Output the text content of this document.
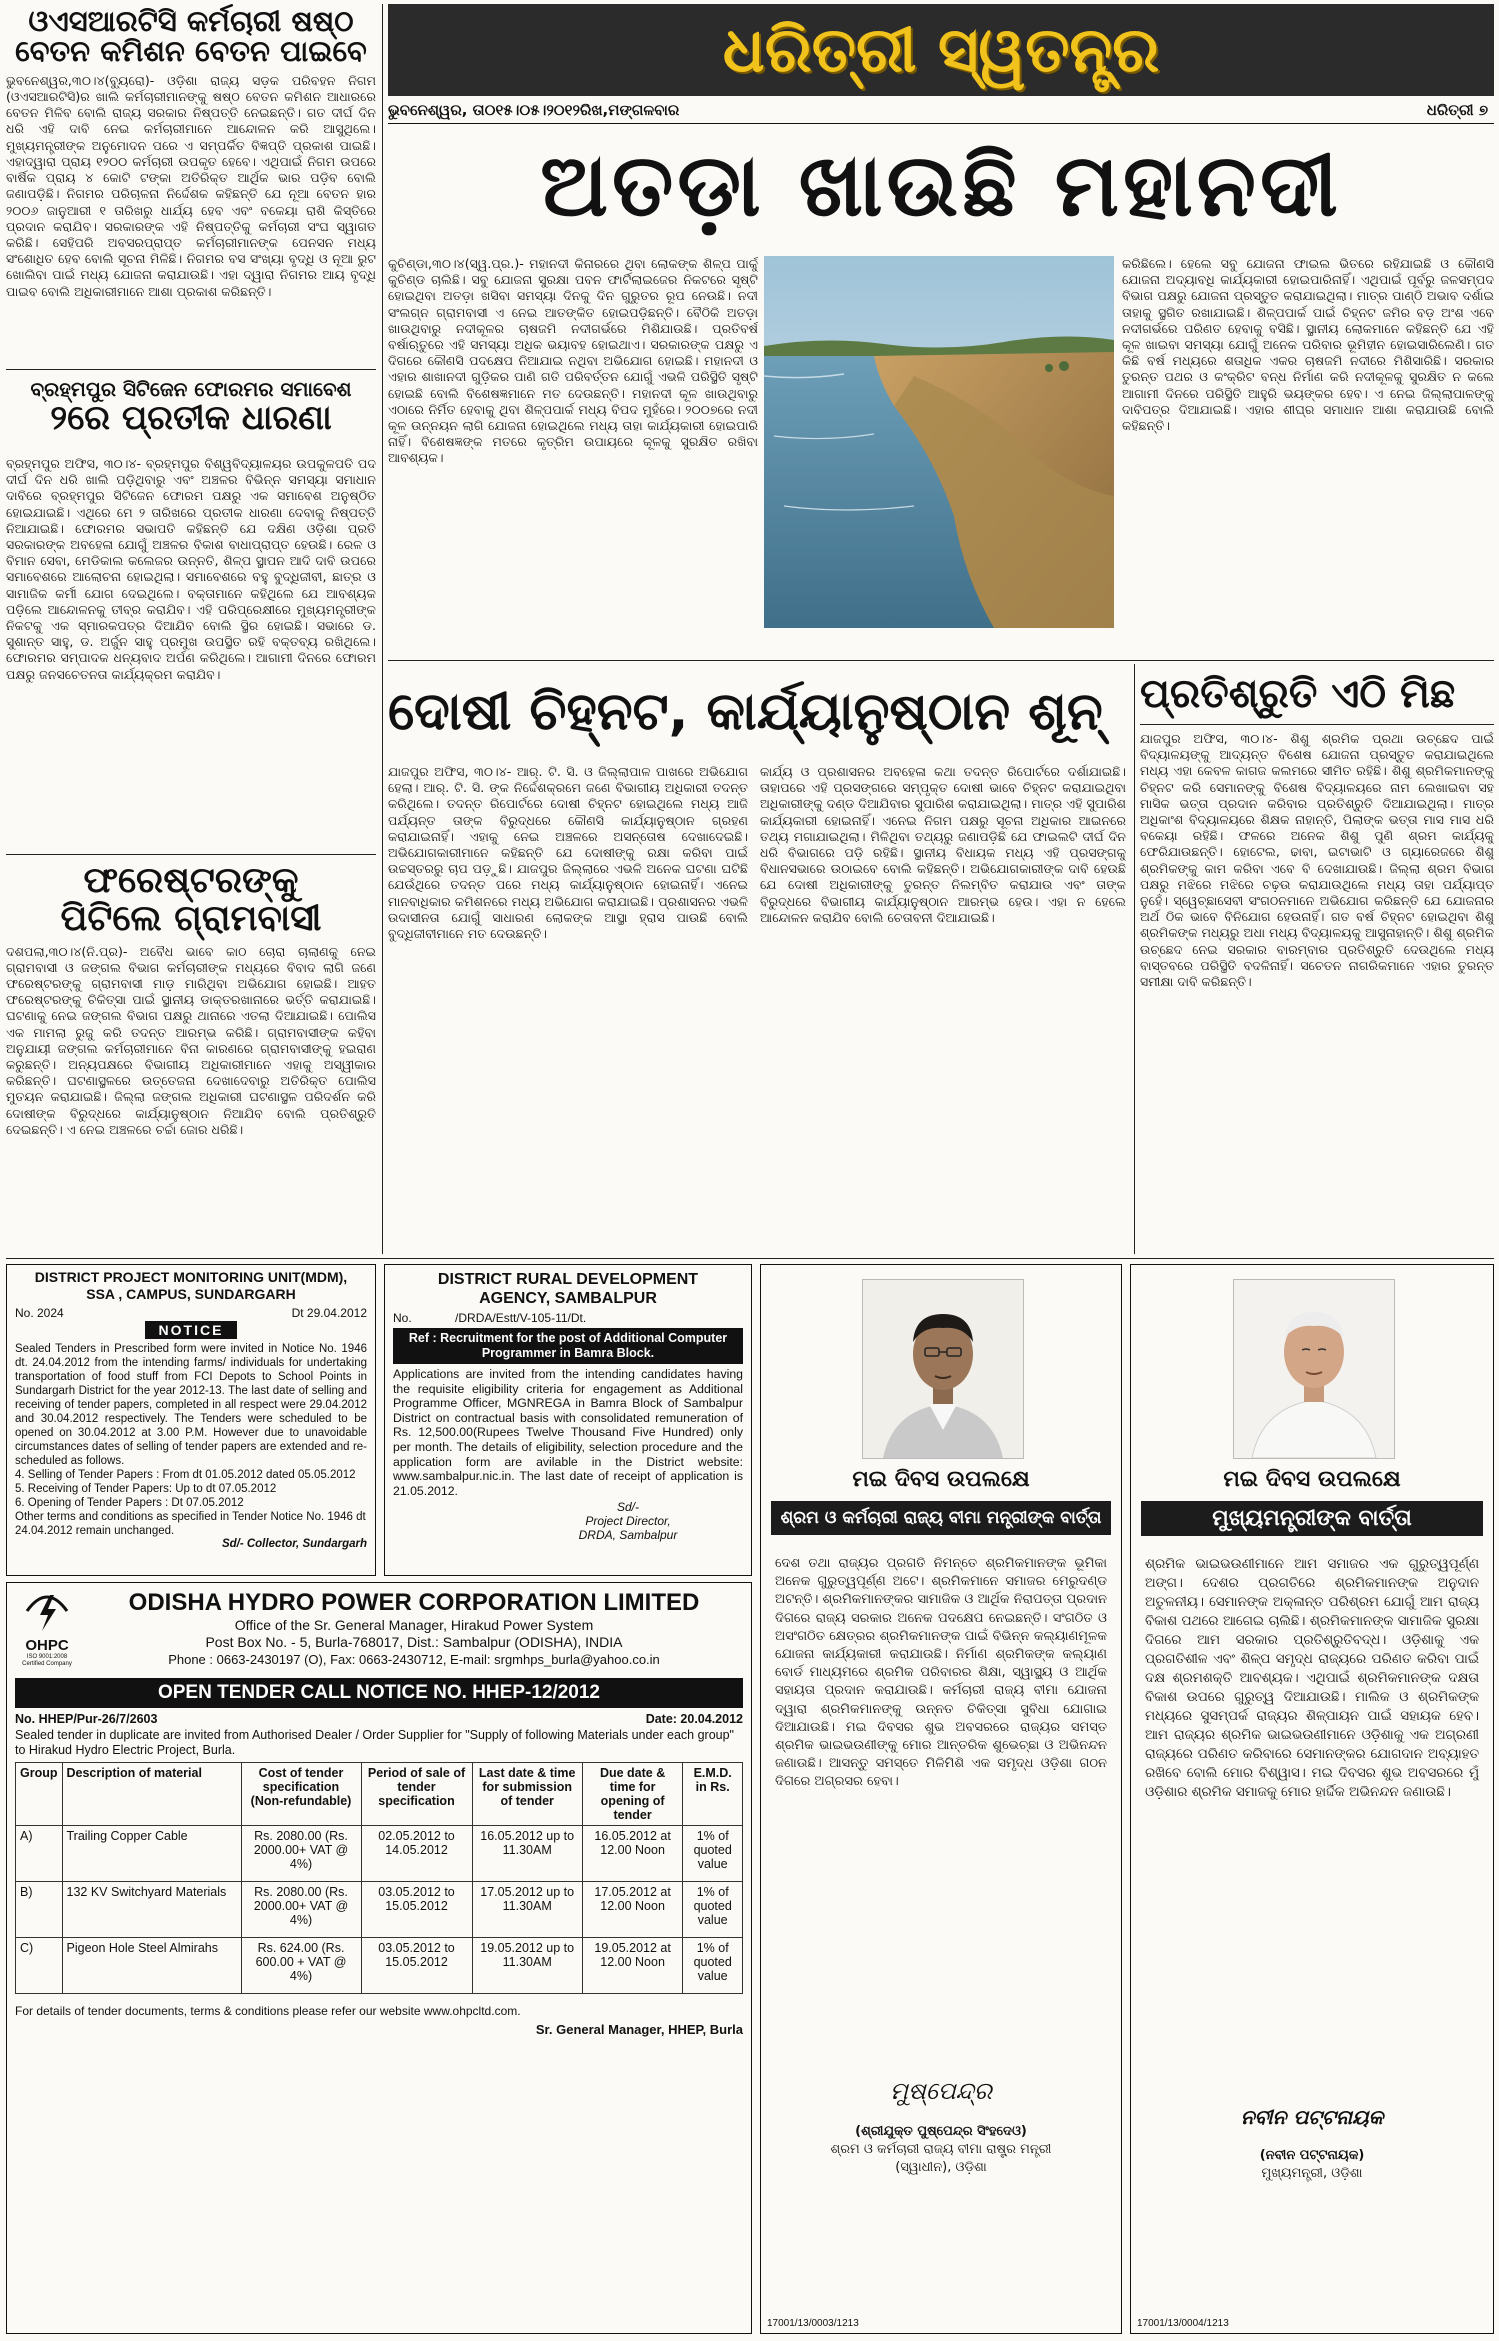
ଓଏସଆରଟିସି କର୍ମଚାରୀ ଷଷ୍ଠ
ବେତନ କମିଶନ ବେତନ ପାଇବେ

ଭୁବନେଶ୍ୱର,୩୦।୪(ବ୍ୟୁରୋ)- ଓଡ଼ିଶା ରାଜ୍ୟ ସଡ଼କ ପରିବହନ ନିଗମ (ଓଏସଆରଟିସି)ର ଖାଲି କର୍ମଚାରୀମାନଙ୍କୁ ଷଷ୍ଠ ବେତନ କମିଶନ ଆଧାରରେ ବେତନ ମିଳିବ ବୋଲି ରାଜ୍ୟ ସରକାର ନିଷ୍ପତ୍ତି ନେଇଛନ୍ତି। ଗତ ଦୀର୍ଘ ଦିନ ଧରି ଏହି ଦାବି ନେଇ କର୍ମଚାରୀମାନେ ଆନ୍ଦୋଳନ କରି ଆସୁଥିଲେ। ମୁଖ୍ୟମନ୍ତ୍ରୀଙ୍କ ଅନୁମୋଦନ ପରେ ଏ ସମ୍ପର୍କିତ ବିଜ୍ଞପ୍ତି ପ୍ରକାଶ ପାଇଛି। ଏହାଦ୍ୱାରା ପ୍ରାୟ ୧୨୦୦ କର୍ମଚାରୀ ଉପକୃତ ହେବେ। ଏଥିପାଇଁ ନିଗମ ଉପରେ ବାର୍ଷିକ ପ୍ରାୟ ୪ କୋଟି ଟଙ୍କା ଅତିରିକ୍ତ ଆର୍ଥିକ ଭାର ପଡ଼ିବ ବୋଲି ଜଣାପଡ଼ିଛି। ନିଗମର ପରିଚାଳନା ନିର୍ଦ୍ଦେଶକ କହିଛନ୍ତି ଯେ ନୂଆ ବେତନ ହାର ୨୦୦୬ ଜାନୁଆରୀ ୧ ତାରିଖରୁ ଧାର୍ଯ୍ୟ ହେବ ଏବଂ ବକେୟା ରାଶି କିସ୍ତିରେ ପ୍ରଦାନ କରାଯିବ। ସରକାରଙ୍କ ଏହି ନିଷ୍ପତ୍ତିକୁ କର୍ମଚାରୀ ସଂଘ ସ୍ୱାଗତ କରିଛି। ସେହିପରି ଅବସରପ୍ରାପ୍ତ କର୍ମଚାରୀମାନଙ୍କ ପେନସନ ମଧ୍ୟ ସଂଶୋଧିତ ହେବ ବୋଲି ସୂଚନା ମିଳିଛି। ନିଗମର ବସ ସଂଖ୍ୟା ବୃଦ୍ଧି ଓ ନୂଆ ରୁଟ ଖୋଲିବା ପାଇଁ ମଧ୍ୟ ଯୋଜନା କରାଯାଉଛି। ଏହା ଦ୍ୱାରା ନିଗମର ଆୟ ବୃଦ୍ଧି ପାଇବ ବୋଲି ଅଧିକାରୀମାନେ ଆଶା ପ୍ରକାଶ କରିଛନ୍ତି।

ବ୍ରହ୍ମପୁର ସିଟିଜେନ ଫୋରମର ସମାବେଶ
୨ରେ ପ୍ରତୀକ ଧାରଣା

ବ୍ରହ୍ମପୁର ଅଫିସ, ୩୦।୪- ବ୍ରହ୍ମପୁର ବିଶ୍ୱବିଦ୍ୟାଳୟର ଉପକୁଳପତି ପଦ ଦୀର୍ଘ ଦିନ ଧରି ଖାଲି ପଡ଼ିଥିବାରୁ ଏବଂ ଅଞ୍ଚଳର ବିଭିନ୍ନ ସମସ୍ୟା ସମାଧାନ ଦାବିରେ ବ୍ରହ୍ମପୁର ସିଟିଜେନ ଫୋରମ ପକ୍ଷରୁ ଏକ ସମାବେଶ ଅନୁଷ୍ଠିତ ହୋଇଯାଇଛି। ଏଥିରେ ମେ ୨ ତାରିଖରେ ପ୍ରତୀକ ଧାରଣା ଦେବାକୁ ନିଷ୍ପତ୍ତି ନିଆଯାଇଛି। ଫୋରମର ସଭାପତି କହିଛନ୍ତି ଯେ ଦକ୍ଷିଣ ଓଡ଼ିଶା ପ୍ରତି ସରକାରଙ୍କ ଅବହେଳା ଯୋଗୁଁ ଅଞ୍ଚଳର ବିକାଶ ବାଧାପ୍ରାପ୍ତ ହେଉଛି। ରେଳ ଓ ବିମାନ ସେବା, ମେଡିକାଲ କଲେଜର ଉନ୍ନତି, ଶିଳ୍ପ ସ୍ଥାପନ ଆଦି ଦାବି ଉପରେ ସମାବେଶରେ ଆଲୋଚନା ହୋଇଥିଲା। ସମାବେଶରେ ବହୁ ବୁଦ୍ଧିଜୀବୀ, ଛାତ୍ର ଓ ସାମାଜିକ କର୍ମୀ ଯୋଗ ଦେଇଥିଲେ। ବକ୍ତାମାନେ କହିଥିଲେ ଯେ ଆବଶ୍ୟକ ପଡ଼ିଲେ ଆନ୍ଦୋଳନକୁ ତୀବ୍ର କରାଯିବ। ଏହି ପରିପ୍ରେକ୍ଷୀରେ ମୁଖ୍ୟମନ୍ତ୍ରୀଙ୍କ ନିକଟକୁ ଏକ ସ୍ମାରକପତ୍ର ଦିଆଯିବ ବୋଲି ସ୍ଥିର ହୋଇଛି। ସଭାରେ ଡ. ସୁଶାନ୍ତ ସାହୁ, ଡ. ଅର୍ଜୁନ ସାହୁ ପ୍ରମୁଖ ଉପସ୍ଥିତ ରହି ବକ୍ତବ୍ୟ ରଖିଥିଲେ। ଫୋରମର ସମ୍ପାଦକ ଧନ୍ୟବାଦ ଅର୍ପଣ କରିଥିଲେ। ଆଗାମୀ ଦିନରେ ଫୋରମ ପକ୍ଷରୁ ଜନସଚେତନତା କାର୍ଯ୍ୟକ୍ରମ କରାଯିବ।

ଫରେଷ୍ଟରଙ୍କୁ
ପିଟିଲେ ଗ୍ରାମବାସୀ

ଦଶପଲା,୩୦।୪(ନି.ପ୍ର)- ଅବୈଧ ଭାବେ କାଠ ଚୋରା ଚାଲାଣକୁ ନେଇ ଗ୍ରାମବାସୀ ଓ ଜଙ୍ଗଲ ବିଭାଗ କର୍ମଚାରୀଙ୍କ ମଧ୍ୟରେ ବିବାଦ ଲାଗି ଜଣେ ଫରେଷ୍ଟରଙ୍କୁ ଗ୍ରାମବାସୀ ମାଡ଼ ମାରିଥିବା ଅଭିଯୋଗ ହୋଇଛି। ଆହତ ଫରେଷ୍ଟରଙ୍କୁ ଚିକିତ୍ସା ପାଇଁ ସ୍ଥାନୀୟ ଡାକ୍ତରଖାନାରେ ଭର୍ତ୍ତି କରାଯାଇଛି। ଘଟଣାକୁ ନେଇ ଜଙ୍ଗଲ ବିଭାଗ ପକ୍ଷରୁ ଥାନାରେ ଏତଲା ଦିଆଯାଇଛି। ପୋଲିସ ଏକ ମାମଲା ରୁଜୁ କରି ତଦନ୍ତ ଆରମ୍ଭ କରିଛି। ଗ୍ରାମବାସୀଙ୍କ କହିବା ଅନୁଯାୟୀ ଜଙ୍ଗଲ କର୍ମଚାରୀମାନେ ବିନା କାରଣରେ ଗ୍ରାମବାସୀଙ୍କୁ ହଇରାଣ କରୁଛନ୍ତି। ଅନ୍ୟପକ୍ଷରେ ବିଭାଗୀୟ ଅଧିକାରୀମାନେ ଏହାକୁ ଅସ୍ୱୀକାର କରିଛନ୍ତି। ଘଟଣାସ୍ଥଳରେ ଉତ୍ତେଜନା ଦେଖାଦେବାରୁ ଅତିରିକ୍ତ ପୋଲିସ ମୁତୟନ କରାଯାଇଛି। ଜିଲ୍ଲା ଜଙ୍ଗଲ ଅଧିକାରୀ ଘଟଣାସ୍ଥଳ ପରିଦର୍ଶନ କରି ଦୋଷୀଙ୍କ ବିରୁଦ୍ଧରେ କାର୍ଯ୍ୟାନୁଷ୍ଠାନ ନିଆଯିବ ବୋଲି ପ୍ରତିଶ୍ରୁତି ଦେଇଛନ୍ତି। ଏ ନେଇ ଅଞ୍ଚଳରେ ଚର୍ଚ୍ଚା ଜୋର ଧରିଛି।

ଧରିତ୍ରୀ ସ୍ୱତନ୍ତ୍ର
ଭୁବନେଶ୍ୱର, ତା୦୧୫।୦୫।୨୦୧୨ରିଖ,ମଙ୍ଗଳବାର	ଧରିତ୍ରୀ ୭
ଅତଡ଼ା ଖାଉଛି ମହାନଦୀ

କୁଚିଣ୍ଡା,୩୦।୪(ସ୍ୱ.ପ୍ର.)- ମହାନଦୀ କିନାରରେ ଥିବା ଲୋକଙ୍କ ଶିଳ୍ପ ପାର୍କୁ କୁଚିଣ୍ଡ ଚାଲିଛି। ସବୁ ଯୋଜନା ସୁରକ୍ଷା ପବନ ଫାର୍ଟିଲାଇଜେର ନିକଟରେ ସୃଷ୍ଟି ହୋଇଥିବା ଅତଡ଼ା ଖସିବା ସମସ୍ୟା ଦିନକୁ ଦିନ ଗୁରୁତର ରୂପ ନେଉଛି। ନଦୀ ସଂଲଗ୍ନ ଗ୍ରାମବାସୀ ଏ ନେଇ ଆତଙ୍କିତ ହୋଇପଡ଼ିଛନ୍ତି। ବୈଠିକି ଅତଡ଼ା ଖାଉଥିବାରୁ ନଦୀକୂଳର ଚାଷଜମି ନଦୀଗର୍ଭରେ ମିଶିଯାଉଛି। ପ୍ରତିବର୍ଷ ବର୍ଷାଋତୁରେ ଏହି ସମସ୍ୟା ଅଧିକ ଭୟାବହ ହୋଇଥାଏ। ସରକାରଙ୍କ ପକ୍ଷରୁ ଏ ଦିଗରେ କୌଣସି ପଦକ୍ଷେପ ନିଆଯାଇ ନଥିବା ଅଭିଯୋଗ ହୋଇଛି। ମହାନଦୀ ଓ ଏହାର ଶାଖାନଦୀ ଗୁଡ଼ିକର ପାଣି ଗତି ପରିବର୍ତ୍ତନ ଯୋଗୁଁ ଏଭଳି ପରିସ୍ଥିତି ସୃଷ୍ଟି ହୋଇଛି ବୋଲି ବିଶେଷଜ୍ଞମାନେ ମତ ଦେଉଛନ୍ତି। ମହାନଦୀ କୂଳ ଖାଉଥିବାରୁ ଏଠାରେ ନିର୍ମିତ ହେବାକୁ ଥିବା ଶିଳ୍ପପାର୍କ ମଧ୍ୟ ବିପଦ ମୁହଁରେ। ୨୦୦୭ରେ ନଦୀ କୂଳ ଉନ୍ନୟନ ଲାଗି ଯୋଜନା ହୋଇଥିଲେ ମଧ୍ୟ ତାହା କାର୍ଯ୍ୟକାରୀ ହୋଇପାରି ନାହିଁ। ବିଶେଷଜ୍ଞଙ୍କ ମତରେ କୃତ୍ରିମ ଉପାୟରେ କୂଳକୁ ସୁରକ୍ଷିତ ରଖିବା ଆବଶ୍ୟକ।

କରିଛିଲେ। ହେଲେ ସବୁ ଯୋଜନା ଫାଇଲ ଭିତରେ ରହିଯାଇଛି ଓ କୌଣସି ଯୋଜନା ଅଦ୍ୟାବଧି କାର୍ଯ୍ୟକାରୀ ହୋଇପାରିନାହିଁ। ଏଥିପାଇଁ ପୂର୍ବରୁ ଜଳସମ୍ପଦ ବିଭାଗ ପକ୍ଷରୁ ଯୋଜନା ପ୍ରସ୍ତୁତ କରାଯାଇଥିଲା। ମାତ୍ର ପାଣ୍ଠି ଅଭାବ ଦର୍ଶାଇ ତାହାକୁ ସ୍ଥଗିତ ରଖାଯାଇଛି। ଶିଳ୍ପପାର୍କ ପାଇଁ ଚିହ୍ନଟ ଜମିର ବଡ଼ ଅଂଶ ଏବେ ନଦୀଗର୍ଭରେ ପରିଣତ ହେବାକୁ ବସିଛି। ସ୍ଥାନୀୟ ଲୋକମାନେ କହିଛନ୍ତି ଯେ ଏହି କୂଳ ଖାଇବା ସମସ୍ୟା ଯୋଗୁଁ ଅନେକ ପରିବାର ଭୂମିହୀନ ହୋଇସାରିଲେଣି। ଗତ କିଛି ବର୍ଷ ମଧ୍ୟରେ ଶତାଧିକ ଏକର ଚାଷଜମି ନଦୀରେ ମିଶିସାରିଛି। ସରକାର ତୁରନ୍ତ ପଥର ଓ କଂକ୍ରିଟ ବନ୍ଧ ନିର୍ମାଣ କରି ନଦୀକୂଳକୁ ସୁରକ୍ଷିତ ନ କଲେ ଆଗାମୀ ଦିନରେ ପରିସ୍ଥିତି ଆହୁରି ଭୟଙ୍କର ହେବ। ଏ ନେଇ ଜିଲ୍ଲାପାଳଙ୍କୁ ଦାବିପତ୍ର ଦିଆଯାଇଛି। ଏହାର ଶୀଘ୍ର ସମାଧାନ ଆଶା କରାଯାଉଛି ବୋଲି କହିଛନ୍ତି।

ଦୋଷୀ ଚିହ୍ନଟ, କାର୍ଯ୍ୟାନୁଷ୍ଠାନ ଶୂନ୍

ଯାଜପୁର ଅଫିସ, ୩୦।୪- ଆର୍. ଟି. ସି. ଓ ଜିଲ୍ଲାପାଳ ପାଖରେ ଅଭିଯୋଗ ହେଲା। ଆର୍. ଟି. ସି. ଙ୍କ ନିର୍ଦ୍ଦେଶକ୍ରମେ ଜଣେ ବିଭାଗୀୟ ଅଧିକାରୀ ତଦନ୍ତ କରିଥିଲେ। ତଦନ୍ତ ରିପୋର୍ଟରେ ଦୋଷୀ ଚିହ୍ନଟ ହୋଇଥିଲେ ମଧ୍ୟ ଆଜି ପର୍ଯ୍ୟନ୍ତ ତାଙ୍କ ବିରୁଦ୍ଧରେ କୌଣସି କାର୍ଯ୍ୟାନୁଷ୍ଠାନ ଗ୍ରହଣ କରାଯାଇନାହିଁ। ଏହାକୁ ନେଇ ଅଞ୍ଚଳରେ ଅସନ୍ତୋଷ ଦେଖାଦେଇଛି। ଅଭିଯୋଗକାରୀମାନେ କହିଛନ୍ତି ଯେ ଦୋଷୀଙ୍କୁ ରକ୍ଷା କରିବା ପାଇଁ ଉଚ୍ଚସ୍ତରରୁ ଚାପ ପଡ଼ୁଛି। ଯାଜପୁର ଜିଲ୍ଲାରେ ଏଭଳି ଅନେକ ଘଟଣା ଘଟିଛି ଯେଉଁଥିରେ ତଦନ୍ତ ପରେ ମଧ୍ୟ କାର୍ଯ୍ୟାନୁଷ୍ଠାନ ହୋଇନାହିଁ। ଏନେଇ ମାନବାଧିକାର କମିଶନରେ ମଧ୍ୟ ଅଭିଯୋଗ କରାଯାଇଛି। ପ୍ରଶାସନର ଏଭଳି ଉଦାସୀନତା ଯୋଗୁଁ ସାଧାରଣ ଲୋକଙ୍କ ଆସ୍ଥା ହ୍ରାସ ପାଉଛି ବୋଲି ବୁଦ୍ଧିଜୀବୀମାନେ ମତ ଦେଉଛନ୍ତି।

କାର୍ଯ୍ୟ ଓ ପ୍ରଶାସନର ଅବହେଳା କଥା ତଦନ୍ତ ରିପୋର୍ଟରେ ଦର୍ଶାଯାଇଛି। ତାହାପରେ ଏହି ପ୍ରସଙ୍ଗରେ ସମ୍ପୃକ୍ତ ଦୋଷୀ ଭାବେ ଚିହ୍ନଟ କରାଯାଇଥିବା ଅଧିକାରୀଙ୍କୁ ଦଣ୍ଡ ଦିଆଯିବାର ସୁପାରିଶ କରାଯାଇଥିଲା। ମାତ୍ର ଏହି ସୁପାରିଶ କାର୍ଯ୍ୟକାରୀ ହୋଇନାହିଁ। ଏନେଇ ନିଗମ ପକ୍ଷରୁ ସୂଚନା ଅଧିକାର ଆଇନରେ ତଥ୍ୟ ମଗାଯାଇଥିଲା। ମିଳିଥିବା ତଥ୍ୟରୁ ଜଣାପଡ଼ିଛି ଯେ ଫାଇଲଟି ଦୀର୍ଘ ଦିନ ଧରି ବିଭାଗରେ ପଡ଼ି ରହିଛି। ସ୍ଥାନୀୟ ବିଧାୟକ ମଧ୍ୟ ଏହି ପ୍ରସଙ୍ଗକୁ ବିଧାନସଭାରେ ଉଠାଇବେ ବୋଲି କହିଛନ୍ତି। ଅଭିଯୋଗକାରୀଙ୍କ ଦାବି ହେଉଛି ଯେ ଦୋଷୀ ଅଧିକାରୀଙ୍କୁ ତୁରନ୍ତ ନିଲମ୍ବିତ କରାଯାଉ ଏବଂ ତାଙ୍କ ବିରୁଦ୍ଧରେ ବିଭାଗୀୟ କାର୍ଯ୍ୟାନୁଷ୍ଠାନ ଆରମ୍ଭ ହେଉ। ଏହା ନ ହେଲେ ଆନ୍ଦୋଳନ କରାଯିବ ବୋଲି ଚେତାବନୀ ଦିଆଯାଇଛି।

ପ୍ରତିଶ୍ରୁତି ଏଠି ମିଛ

ଯାଜପୁର ଅଫିସ, ୩୦।୪- ଶିଶୁ ଶ୍ରମିକ ପ୍ରଥା ଉଚ୍ଛେଦ ପାଇଁ ବିଦ୍ୟାଳୟଙ୍କୁ ଆଦ୍ୟନ୍ତ ବିଶେଷ ଯୋଜନା ପ୍ରସ୍ତୁତ କରାଯାଇଥିଲେ ମଧ୍ୟ ଏହା କେବଳ କାଗଜ କଲମରେ ସୀମିତ ରହିଛି। ଶିଶୁ ଶ୍ରମିକମାନଙ୍କୁ ଚିହ୍ନଟ କରି ସେମାନଙ୍କୁ ବିଶେଷ ବିଦ୍ୟାଳୟରେ ନାମ ଲେଖାଇବା ସହ ମାସିକ ଭତ୍ତା ପ୍ରଦାନ କରିବାର ପ୍ରତିଶ୍ରୁତି ଦିଆଯାଇଥିଲା। ମାତ୍ର ଅଧିକାଂଶ ବିଦ୍ୟାଳୟରେ ଶିକ୍ଷକ ନାହାନ୍ତି, ପିଲାଙ୍କ ଭତ୍ତା ମାସ ମାସ ଧରି ବକେୟା ରହିଛି। ଫଳରେ ଅନେକ ଶିଶୁ ପୁଣି ଶ୍ରମ କାର୍ଯ୍ୟକୁ ଫେରିଯାଉଛନ୍ତି। ହୋଟେଲ, ଢାବା, ଇଟାଭାଟି ଓ ଗ୍ୟାରେଜରେ ଶିଶୁ ଶ୍ରମିକଙ୍କୁ କାମ କରିବା ଏବେ ବି ଦେଖାଯାଉଛି। ଜିଲ୍ଲା ଶ୍ରମ ବିଭାଗ ପକ୍ଷରୁ ମଝିରେ ମଝିରେ ଚଢ଼ଉ କରାଯାଉଥିଲେ ମଧ୍ୟ ତାହା ପର୍ଯ୍ୟାପ୍ତ ନୁହେଁ। ସ୍ୱେଚ୍ଛାସେବୀ ସଂଗଠନମାନେ ଅଭିଯୋଗ କରିଛନ୍ତି ଯେ ଯୋଜନାର ଅର୍ଥ ଠିକ ଭାବେ ବିନିଯୋଗ ହେଉନାହିଁ। ଗତ ବର୍ଷ ଚିହ୍ନଟ ହୋଇଥିବା ଶିଶୁ ଶ୍ରମିକଙ୍କ ମଧ୍ୟରୁ ଅଧା ମଧ୍ୟ ବିଦ୍ୟାଳୟକୁ ଆସୁନାହାନ୍ତି। ଶିଶୁ ଶ୍ରମିକ ଉଚ୍ଛେଦ ନେଇ ସରକାର ବାରମ୍ବାର ପ୍ରତିଶ୍ରୁତି ଦେଉଥିଲେ ମଧ୍ୟ ବାସ୍ତବରେ ପରିସ୍ଥିତି ବଦଳିନାହିଁ। ସଚେତନ ନାଗରିକମାନେ ଏହାର ତୁରନ୍ତ ସମୀକ୍ଷା ଦାବି କରିଛନ୍ତି।

DISTRICT PROJECT MONITORING UNIT(MDM),
SSA , CAMPUS, SUNDARGARH
No. 2024	Dt 29.04.2012
NOTICE

Sealed Tenders in Prescribed form were invited in Notice No. 1946 dt. 24.04.2012 from the intending farms/ individuals for undertaking transportation of food stuff from FCI Depots to School Points in Sundargarh District for the year 2012-13. The last date of selling and receiving of tender papers, completed in all respect were 29.04.2012 and 30.04.2012 respectively. The Tenders were scheduled to be opened on 30.04.2012 at 3.00 P.M. However due to unavoidable circumstances dates of selling of tender papers are extended and re-scheduled as follows.

4. Selling of Tender Papers : From dt 01.05.2012 dated 05.05.2012
5. Receiving of Tender Papers: Up to dt 07.05.2012
6. Opening of Tender Papers : Dt 07.05.2012
Other terms and conditions as specified in Tender Notice No. 1946 dt 24.04.2012 remain unchanged.
Sd/- Collector, Sundargarh
DISTRICT RURAL DEVELOPMENT
AGENCY, SAMBALPUR
No.	/DRDA/Estt/V-105-11/Dt.
Ref : Recruitment for the post of Additional Computer Programmer in Bamra Block.

Applications are invited from the intending candidates having the requisite eligibility criteria for engagement as Additional Programme Officer, MGNREGA in Bamra Block of Sambalpur District on contractual basis with consolidated remuneration of Rs. 12,500.00(Rupees Twelve Thousand Five Hundred) only per month. The details of eligibility, selection procedure and the application form are avilable in the District website: www.sambalpur.nic.in. The last date of receipt of application is 21.05.2012.

Sd/-
Project Director,
DRDA, Sambalpur
OHPC
ISO 9001:2008 Certified Company
ODISHA HYDRO POWER CORPORATION LIMITED
Office of the Sr. General Manager, Hirakud Power System
Post Box No. - 5, Burla-768017, Dist.: Sambalpur (ODISHA), INDIA
Phone : 0663-2430197 (O), Fax: 0663-2430712, E-mail: srgmhps_burla@yahoo.co.in
OPEN TENDER CALL NOTICE NO. HHEP-12/2012
No. HHEP/Pur-26/7/2603	Date: 20.04.2012
Sealed tender in duplicate are invited from Authorised Dealer / Order Supplier for "Supply of following Materials under each group" to Hirakud Hydro Electric Project, Burla.
Group	Description of material	Cost of tender specification (Non-refundable)	Period of sale of tender specification	Last date & time for submission of tender	Due date & time for opening of tender	E.M.D. in Rs.
A)	Trailing Copper Cable	Rs. 2080.00 (Rs. 2000.00+ VAT @ 4%)	02.05.2012 to 14.05.2012	16.05.2012 up to 11.30AM	16.05.2012 at 12.00 Noon	1% of quoted value
B)	132 KV Switchyard Materials	Rs. 2080.00 (Rs. 2000.00+ VAT @ 4%)	03.05.2012 to 15.05.2012	17.05.2012 up to 11.30AM	17.05.2012 at 12.00 Noon	1% of quoted value
C)	Pigeon Hole Steel Almirahs	Rs. 624.00 (Rs. 600.00 + VAT @ 4%)	03.05.2012 to 15.05.2012	19.05.2012 up to 11.30AM	19.05.2012 at 12.00 Noon	1% of quoted value
For details of tender documents, terms & conditions please refer our website www.ohpcltd.com.
Sr. General Manager, HHEP, Burla
ମଇ ଦିବସ ଉପଲକ୍ଷେ
ଶ୍ରମ ଓ କର୍ମଚାରୀ ରାଜ୍ୟ ବୀମା ମନ୍ତ୍ରୀଙ୍କ ବାର୍ତ୍ତା

ଦେଶ ତଥା ରାଜ୍ୟର ପ୍ରଗତି ନିମନ୍ତେ ଶ୍ରମିକମାନଙ୍କ ଭୂମିକା ଅନେକ ଗୁରୁତ୍ୱପୂର୍ଣ୍ଣ ଅଟେ। ଶ୍ରମିକମାନେ ସମାଜର ମେରୁଦଣ୍ଡ ଅଟନ୍ତି। ଶ୍ରମିକମାନଙ୍କର ସାମାଜିକ ଓ ଆର୍ଥିକ ନିରାପତ୍ତା ପ୍ରଦାନ ଦିଗରେ ରାଜ୍ୟ ସରକାର ଅନେକ ପଦକ୍ଷେପ ନେଇଛନ୍ତି। ସଂଗଠିତ ଓ ଅସଂଗଠିତ କ୍ଷେତ୍ରର ଶ୍ରମିକମାନଙ୍କ ପାଇଁ ବିଭିନ୍ନ କଲ୍ୟାଣମୂଳକ ଯୋଜନା କାର୍ଯ୍ୟକାରୀ କରାଯାଉଛି। ନିର୍ମାଣ ଶ୍ରମିକଙ୍କ କଲ୍ୟାଣ ବୋର୍ଡ ମାଧ୍ୟମରେ ଶ୍ରମିକ ପରିବାରର ଶିକ୍ଷା, ସ୍ୱାସ୍ଥ୍ୟ ଓ ଆର୍ଥିକ ସହାୟତା ପ୍ରଦାନ କରାଯାଉଛି। କର୍ମଚାରୀ ରାଜ୍ୟ ବୀମା ଯୋଜନା ଦ୍ୱାରା ଶ୍ରମିକମାନଙ୍କୁ ଉନ୍ନତ ଚିକିତ୍ସା ସୁବିଧା ଯୋଗାଇ ଦିଆଯାଉଛି। ମଇ ଦିବସର ଶୁଭ ଅବସରରେ ରାଜ୍ୟର ସମସ୍ତ ଶ୍ରମିକ ଭାଇଭଉଣୀଙ୍କୁ ମୋର ଆନ୍ତରିକ ଶୁଭେଚ୍ଛା ଓ ଅଭିନନ୍ଦନ ଜଣାଉଛି। ଆସନ୍ତୁ ସମସ୍ତେ ମିଳିମିଶି ଏକ ସମୃଦ୍ଧ ଓଡ଼ିଶା ଗଠନ ଦିଗରେ ଅଗ୍ରସର ହେବା।

ମୁଷ୍ପେନ୍ଦ୍ର
(ଶ୍ରୀଯୁକ୍ତ ପୁଷ୍ପେନ୍ଦ୍ର ସିଂହଦେଓ)
ଶ୍ରମ ଓ କର୍ମଚାରୀ ରାଜ୍ୟ ବୀମା ରାଷ୍ଟ୍ର ମନ୍ତ୍ରୀ
(ସ୍ୱାଧୀନ), ଓଡ଼ିଶା
17001/13/0003/1213
ମଇ ଦିବସ ଉପଲକ୍ଷେ
ମୁଖ୍ୟମନ୍ତ୍ରୀଙ୍କ ବାର୍ତ୍ତା

ଶ୍ରମିକ ଭାଇଭଉଣୀମାନେ ଆମ ସମାଜର ଏକ ଗୁରୁତ୍ୱପୂର୍ଣ୍ଣ ଅଙ୍ଗ। ଦେଶର ପ୍ରଗତିରେ ଶ୍ରମିକମାନଙ୍କ ଅନୁଦାନ ଅତୁଳନୀୟ। ସେମାନଙ୍କ ଅକ୍ଳାନ୍ତ ପରିଶ୍ରମ ଯୋଗୁଁ ଆମ ରାଜ୍ୟ ବିକାଶ ପଥରେ ଆଗେଇ ଚାଲିଛି। ଶ୍ରମିକମାନଙ୍କ ସାମାଜିକ ସୁରକ୍ଷା ଦିଗରେ ଆମ ସରକାର ପ୍ରତିଶ୍ରୁତିବଦ୍ଧ। ଓଡ଼ିଶାକୁ ଏକ ପ୍ରଗତିଶୀଳ ଏବଂ ଶିଳ୍ପ ସମୃଦ୍ଧ ରାଜ୍ୟରେ ପରିଣତ କରିବା ପାଇଁ ଦକ୍ଷ ଶ୍ରମଶକ୍ତି ଆବଶ୍ୟକ। ଏଥିପାଇଁ ଶ୍ରମିକମାନଙ୍କ ଦକ୍ଷତା ବିକାଶ ଉପରେ ଗୁରୁତ୍ୱ ଦିଆଯାଉଛି। ମାଲିକ ଓ ଶ୍ରମିକଙ୍କ ମଧ୍ୟରେ ସୁସମ୍ପର୍କ ରାଜ୍ୟର ଶିଳ୍ପାୟନ ପାଇଁ ସହାୟକ ହେବ। ଆମ ରାଜ୍ୟର ଶ୍ରମିକ ଭାଇଭଉଣୀମାନେ ଓଡ଼ିଶାକୁ ଏକ ଅଗ୍ରଣୀ ରାଜ୍ୟରେ ପରିଣତ କରିବାରେ ସେମାନଙ୍କର ଯୋଗଦାନ ଅବ୍ୟାହତ ରଖିବେ ବୋଲି ମୋର ବିଶ୍ୱାସ। ମଇ ଦିବସର ଶୁଭ ଅବସରରେ ମୁଁ ଓଡ଼ିଶାର ଶ୍ରମିକ ସମାଜକୁ ମୋର ହାର୍ଦ୍ଦିକ ଅଭିନନ୍ଦନ ଜଣାଉଛି।

ନବୀନ ପଟ୍ଟନାୟକ
(ନବୀନ ପଟ୍ଟନାୟକ)
ମୁଖ୍ୟମନ୍ତ୍ରୀ, ଓଡ଼ିଶା
17001/13/0004/1213
